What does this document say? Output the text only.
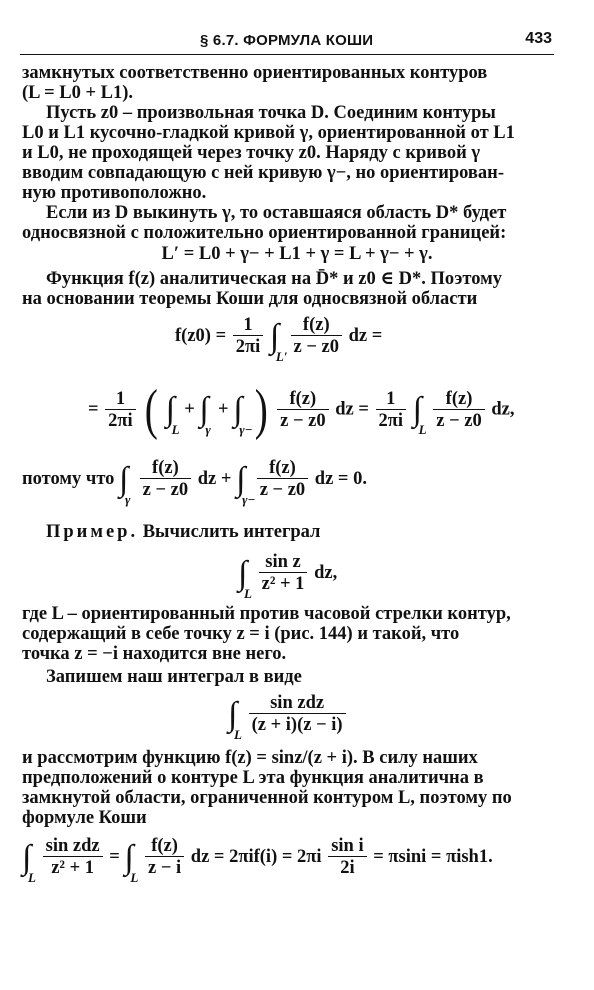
§ 6.7. ФОРМУЛА КОШИ	433
замкнутых соответственно ориентированных контуров
(L = L0 + L1).
Пусть z0 – произвольная точка D. Соединим контуры
L0 и L1 кусочно-гладкой кривой γ, ориентированной от L1
и L0, не проходящей через точку z0. Наряду с кривой γ
вводим совпадающую с ней кривую γ−, но ориентирован-
ную противоположно.
Если из D выкинуть γ, то оставшаяся область D* будет
односвязной с положительно ориентированной границей:
L′ = L0 + γ− + L1 + γ = L + γ− + γ.
Функция f(z) аналитическая на D̄* и z0 ∈ D*. Поэтому
на основании теоремы Коши для односвязной области
$f(z0) = \frac{1}{2\pi i}$ ∫
L′
$\frac{f(z)}{z - z0}$ dz =
= $\frac{1}{2\pi i}$ ( ∫
L
+ ∫
γ
+ ∫
γ− ) $\frac{f(z)}{z - z0}$ dz = $\frac{1}{2\pi i}$ ∫
L
$\frac{f(z)}{z - z0}$ dz,
потому что ∫
γ
$\frac{f(z)}{z - z0}$ dz + ∫
γ−
$\frac{f(z)}{z - z0}$ dz = 0.
Пример. Вычислить интеграл
∫
L
$\frac{\text{sin z}}{\text{z² + 1}}$ dz,
где L – ориентированный против часовой стрелки контур,
содержащий в себе точку z = i (рис. 144) и такой, что
точка z = −i находится вне него.
Запишем наш интеграл в виде
∫
L
$\frac{\text{sin zdz}}{(z + i)(z - i)}$
и рассмотрим функцию f(z) = sinz/(z + i). В силу наших
предположений о контуре L эта функция аналитична в
замкнутой области, ограниченной контуром L, поэтому по
формуле Коши
∫
L
$\frac{\text{sin zdz}}{\text{z² + 1}}$ = ∫
L
$\frac{f(z)}{z - i}$ dz = $2\pi if(i) = 2\pi i \frac{\text{sin i}}{2i} = \pi\sin i = \pi ish1$.
